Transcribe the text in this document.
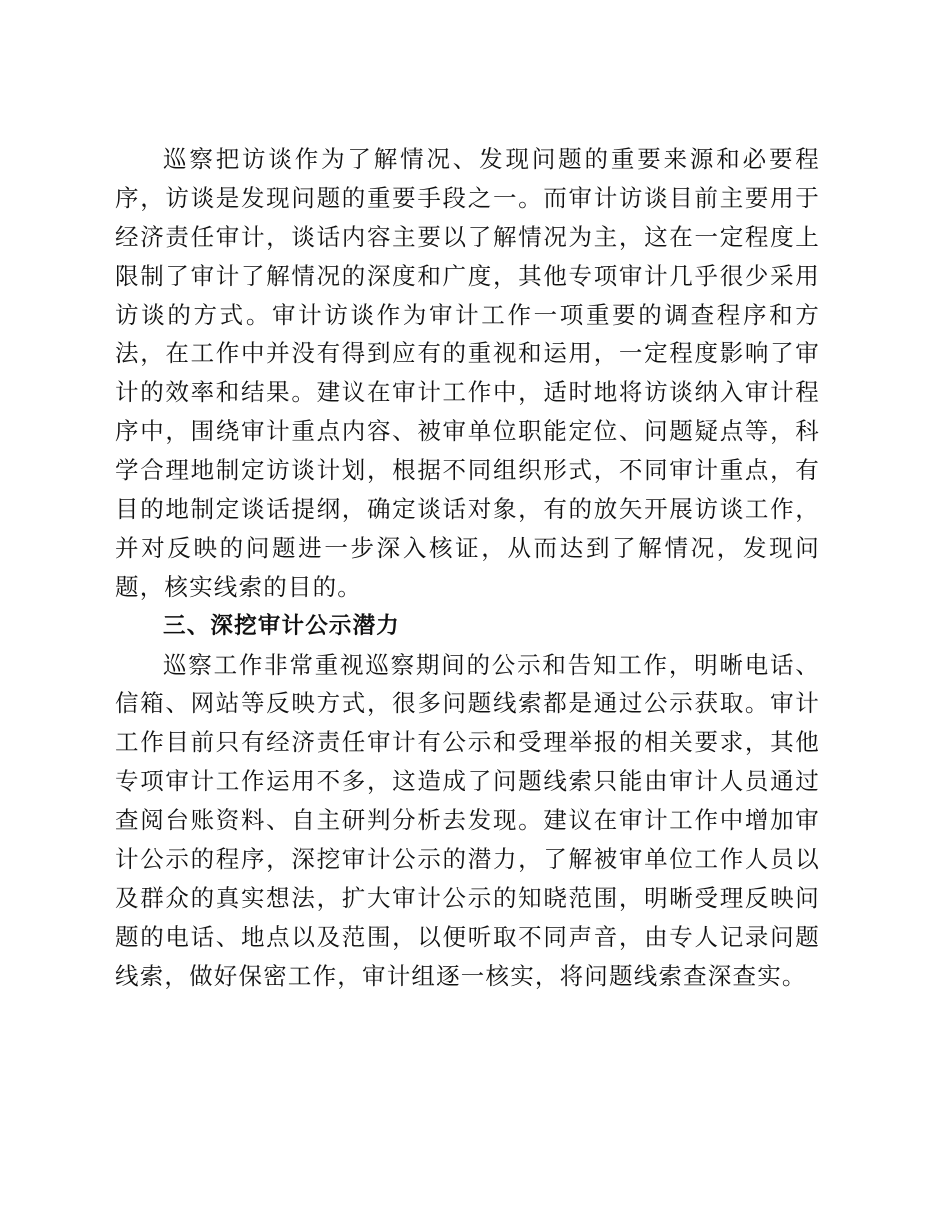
巡察把访谈作为了解情况、发现问题的重要来源和必要程
序，访谈是发现问题的重要手段之一。而审计访谈目前主要用于
经济责任审计，谈话内容主要以了解情况为主，这在一定程度上
限制了审计了解情况的深度和广度，其他专项审计几乎很少采用
访谈的方式。审计访谈作为审计工作一项重要的调查程序和方
法，在工作中并没有得到应有的重视和运用，一定程度影响了审
计的效率和结果。建议在审计工作中，适时地将访谈纳入审计程
序中，围绕审计重点内容、被审单位职能定位、问题疑点等，科
学合理地制定访谈计划，根据不同组织形式，不同审计重点，有
目的地制定谈话提纲，确定谈话对象，有的放矢开展访谈工作，
并对反映的问题进一步深入核证，从而达到了解情况，发现问
题，核实线索的目的。
三、深挖审计公示潜力
巡察工作非常重视巡察期间的公示和告知工作，明晰电话、
信箱、网站等反映方式，很多问题线索都是通过公示获取。审计
工作目前只有经济责任审计有公示和受理举报的相关要求，其他
专项审计工作运用不多，这造成了问题线索只能由审计人员通过
查阅台账资料、自主研判分析去发现。建议在审计工作中增加审
计公示的程序，深挖审计公示的潜力，了解被审单位工作人员以
及群众的真实想法，扩大审计公示的知晓范围，明晰受理反映问
题的电话、地点以及范围，以便听取不同声音，由专人记录问题
线索，做好保密工作，审计组逐一核实，将问题线索查深查实。
